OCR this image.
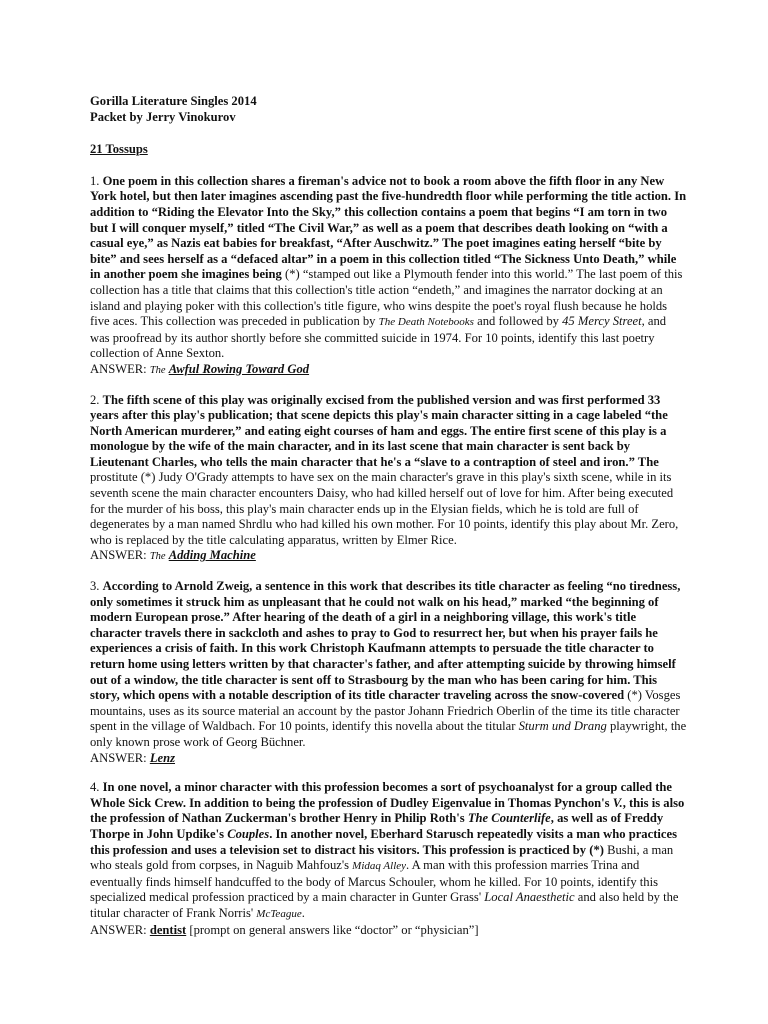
Gorilla Literature Singles 2014

Packet by Jerry Vinokurov

21 Tossups

1. One poem in this collection shares a fireman's advice not to book a room above the fifth floor in any New York hotel, but then later imagines ascending past the five-hundredth floor while performing the title action. In addition to “Riding the Elevator Into the Sky,” this collection contains a poem that begins “I am torn in two but I will conquer myself,” titled “The Civil War,” as well as a poem that describes death looking on “with a casual eye,” as Nazis eat babies for breakfast, “After Auschwitz.” The poet imagines eating herself “bite by bite” and sees herself as a “defaced altar” in a poem in this collection titled “The Sickness Unto Death,” while in another poem she imagines being (*) “stamped out like a Plymouth fender into this world.” The last poem of this collection has a title that claims that this collection's title action “endeth,” and imagines the narrator docking at an island and playing poker with this collection's title figure, who wins despite the poet's royal flush because he holds five aces. This collection was preceded in publication by The Death Notebooks and followed by 45 Mercy Street, and was proofread by its author shortly before she committed suicide in 1974. For 10 points, identify this last poetry collection of Anne Sexton.

ANSWER: The Awful Rowing Toward God

2. The fifth scene of this play was originally excised from the published version and was first performed 33 years after this play's publication; that scene depicts this play's main character sitting in a cage labeled “the North American murderer,” and eating eight courses of ham and eggs. The entire first scene of this play is a monologue by the wife of the main character, and in its last scene that main character is sent back by Lieutenant Charles, who tells the main character that he's a “slave to a contraption of steel and iron.” The prostitute (*) Judy O'Grady attempts to have sex on the main character's grave in this play's sixth scene, while in its seventh scene the main character encounters Daisy, who had killed herself out of love for him. After being executed for the murder of his boss, this play's main character ends up in the Elysian fields, which he is told are full of degenerates by a man named Shrdlu who had killed his own mother. For 10 points, identify this play about Mr. Zero, who is replaced by the title calculating apparatus, written by Elmer Rice.

ANSWER: The Adding Machine

3. According to Arnold Zweig, a sentence in this work that describes its title character as feeling “no tiredness, only sometimes it struck him as unpleasant that he could not walk on his head,” marked “the beginning of modern European prose.” After hearing of the death of a girl in a neighboring village, this work's title character travels there in sackcloth and ashes to pray to God to resurrect her, but when his prayer fails he experiences a crisis of faith. In this work Christoph Kaufmann attempts to persuade the title character to return home using letters written by that character's father, and after attempting suicide by throwing himself out of a window, the title character is sent off to Strasbourg by the man who has been caring for him. This story, which opens with a notable description of its title character traveling across the snow-covered (*) Vosges mountains, uses as its source material an account by the pastor Johann Friedrich Oberlin of the time its title character spent in the village of Waldbach. For 10 points, identify this novella about the titular Sturm und Drang playwright, the only known prose work of Georg Büchner.

ANSWER: Lenz

4. In one novel, a minor character with this profession becomes a sort of psychoanalyst for a group called the Whole Sick Crew. In addition to being the profession of Dudley Eigenvalue in Thomas Pynchon's V., this is also the profession of Nathan Zuckerman's brother Henry in Philip Roth's The Counterlife, as well as of Freddy Thorpe in John Updike's Couples. In another novel, Eberhard Starusch repeatedly visits a man who practices this profession and uses a television set to distract his visitors. This profession is practiced by (*) Bushi, a man who steals gold from corpses, in Naguib Mahfouz's Midaq Alley. A man with this profession marries Trina and eventually finds himself handcuffed to the body of Marcus Schouler, whom he killed. For 10 points, identify this specialized medical profession practiced by a main character in Gunter Grass' Local Anaesthetic and also held by the titular character of Frank Norris' McTeague.

ANSWER: dentist [prompt on general answers like “doctor” or “physician”]
